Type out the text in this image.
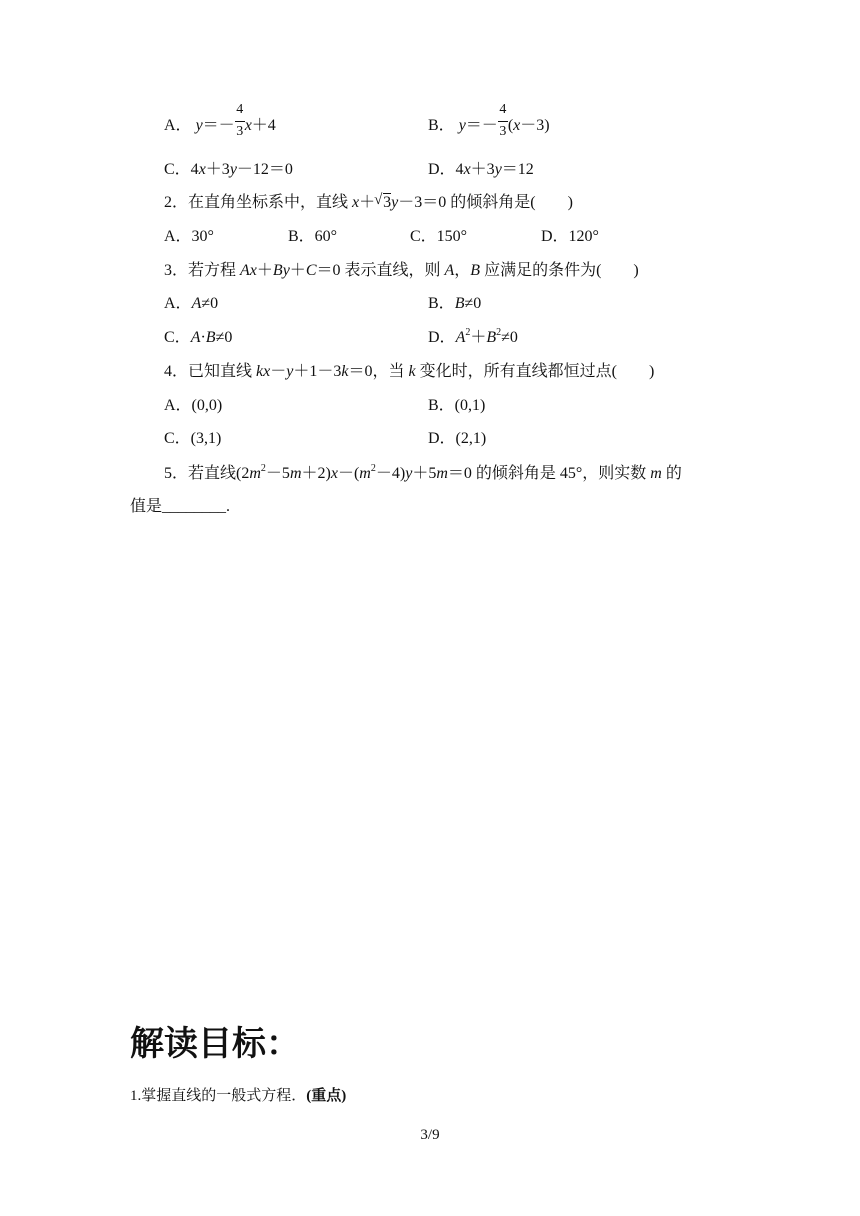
A． y＝－
$\frac{4}{3}$
x＋4	B． y＝－
$\frac{4}{3}$
(x－3)
C．4x＋3y－12＝0	D．4x＋3y＝12
2．在直角坐标系中，直线 x＋√ 3y－3＝0 的倾斜角是(　　)
A．30°	B．60°	C．150°	D．120°
3．若方程 Ax＋By＋C＝0 表示直线，则 A，B 应满足的条件为(　　)
A．A≠0	B．B≠0
C．A·B≠0	D．$A^2+B^2\ne 0$
4．已知直线 kx－y＋1－3k＝0，当 k 变化时，所有直线都恒过点(　　)
A．(0,0)	B．(0,1)
C．(3,1)	D．(2,1)
5．若直线$(2m^2-5m+2)x-(m^2-4)y+5m=0$ 的倾斜角是 45°，则实数 m 的
值是________.
解读目标：
1.掌握直线的一般式方程．(重点)
3/9
